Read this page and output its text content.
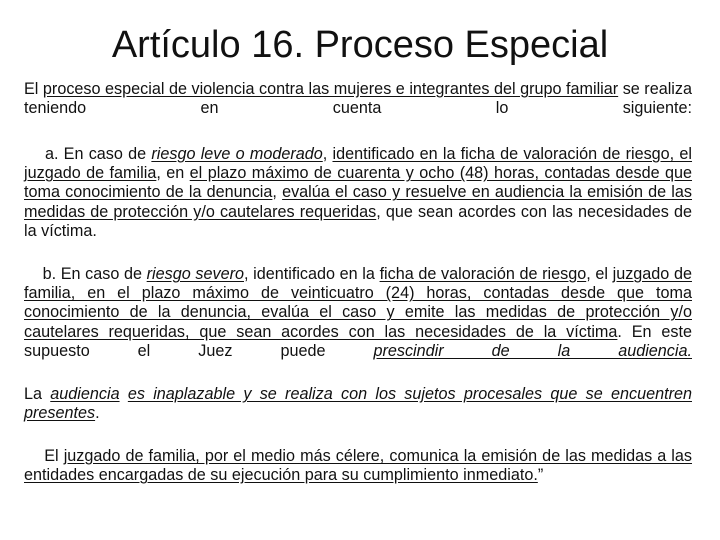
Artículo 16. Proceso Especial
El proceso especial de violencia contra las mujeres e integrantes del grupo familiar se realiza teniendo en cuenta lo siguiente:
a. En caso de riesgo leve o moderado, identificado en la ficha de valoración de riesgo, el juzgado de familia, en el plazo máximo de cuarenta y ocho (48) horas, contadas desde que toma conocimiento de la denuncia, evalúa el caso y resuelve en audiencia la emisión de las medidas de protección y/o cautelares requeridas, que sean acordes con las necesidades de la víctima.
b. En caso de riesgo severo, identificado en la ficha de valoración de riesgo, el juzgado de familia, en el plazo máximo de veinticuatro (24) horas, contadas desde que toma conocimiento de la denuncia, evalúa el caso y emite las medidas de protección y/o cautelares requeridas, que sean acordes con las necesidades de la víctima. En este supuesto el Juez puede prescindir de la audiencia.
La audiencia es inaplazable y se realiza con los sujetos procesales que se encuentren presentes.
El juzgado de familia, por el medio más célere, comunica la emisión de las medidas a las entidades encargadas de su ejecución para su cumplimiento inmediato.”
